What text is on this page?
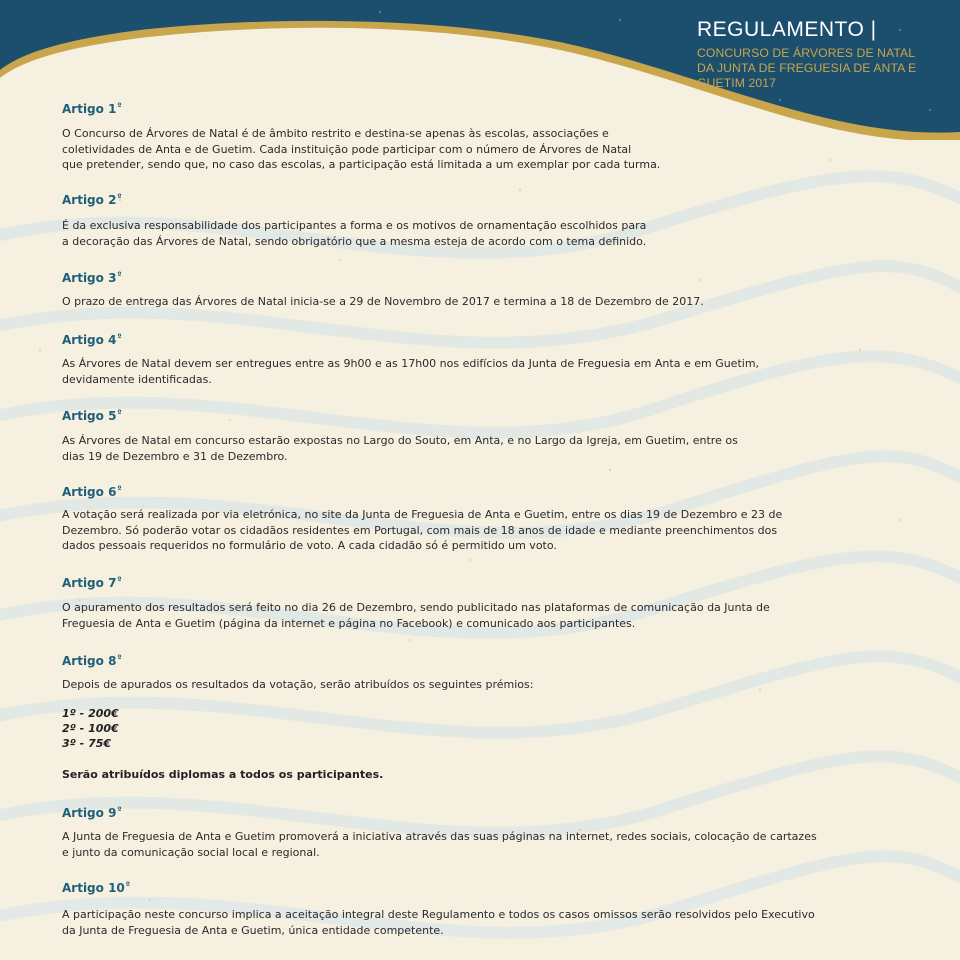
REGULAMENTO |
CONCURSO DE ÁRVORES DE NATAL
DA JUNTA DE FREGUESIA DE ANTA E
GUETIM 2017
Artigo $1^º$

O Concurso de Árvores de Natal é de âmbito restrito e destina-se apenas às escolas, associações e
coletividades de Anta e de Guetim. Cada instituição pode participar com o número de Árvores de Natal
que pretender, sendo que, no caso das escolas, a participação está limitada a um exemplar por cada turma.

Artigo $2^º$

É da exclusiva responsabilidade dos participantes a forma e os motivos de ornamentação escolhidos para
a decoração das Árvores de Natal, sendo obrigatório que a mesma esteja de acordo com o tema definido.

Artigo $3^º$

O prazo de entrega das Árvores de Natal inicia-se a 29 de Novembro de 2017 e termina a 18 de Dezembro de 2017.

Artigo $4^º$

As Árvores de Natal devem ser entregues entre as 9h00 e as 17h00 nos edifícios da Junta de Freguesia em Anta e em Guetim,
devidamente identificadas.

Artigo $5^º$

As Árvores de Natal em concurso estarão expostas no Largo do Souto, em Anta, e no Largo da Igreja, em Guetim, entre os
dias 19 de Dezembro e 31 de Dezembro.

Artigo $6^º$

A votação será realizada por via eletrónica, no site da Junta de Freguesia de Anta e Guetim, entre os dias 19 de Dezembro e 23 de
Dezembro. Só poderão votar os cidadãos residentes em Portugal, com mais de 18 anos de idade e mediante preenchimentos dos
dados pessoais requeridos no formulário de voto. A cada cidadão só é permitido um voto.

Artigo $7^º$

O apuramento dos resultados será feito no dia 26 de Dezembro, sendo publicitado nas plataformas de comunicação da Junta de
Freguesia de Anta e Guetim (página da internet e página no Facebook) e comunicado aos participantes.

Artigo $8^º$

Depois de apurados os resultados da votação, serão atribuídos os seguintes prémios:

1º - 200€
2º - 100€
3º - 75€

Serão atribuídos diplomas a todos os participantes.

Artigo $9^º$

A Junta de Freguesia de Anta e Guetim promoverá a iniciativa através das suas páginas na internet, redes sociais, colocação de cartazes
e junto da comunicação social local e regional.

Artigo $10^º$

A participação neste concurso implica a aceitação integral deste Regulamento e todos os casos omissos serão resolvidos pelo Executivo
da Junta de Freguesia de Anta e Guetim, única entidade competente.
